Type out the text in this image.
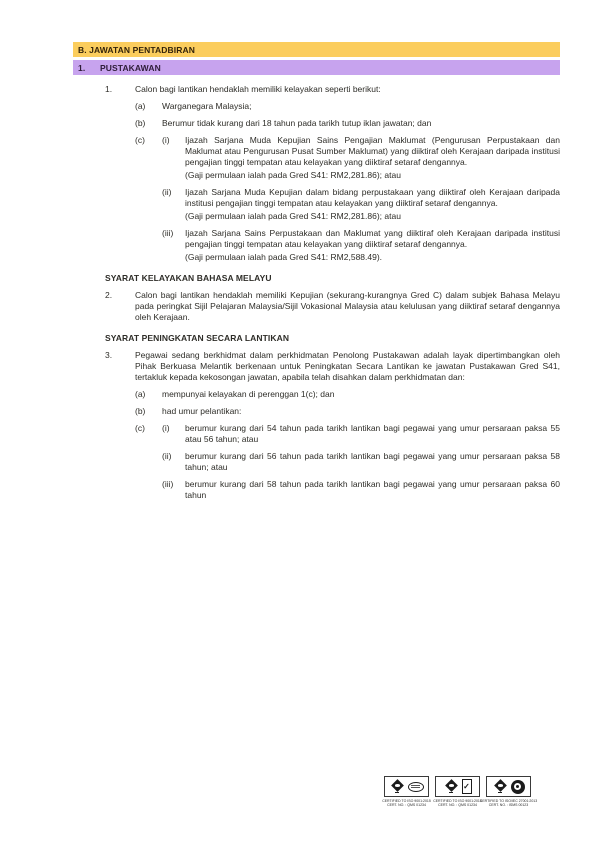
B. JAWATAN PENTADBIRAN
1.	PUSTAKAWAN
1.	Calon bagi lantikan hendaklah memiliki kelayakan seperti berikut:
(a)	Warganegara Malaysia;
(b)	Berumur tidak kurang dari 18 tahun pada tarikh tutup iklan jawatan; dan
(c)	(i)	Ijazah Sarjana Muda Kepujian Sains Pengajian Maklumat (Pengurusan Perpustakaan dan Maklumat atau Pengurusan Pusat Sumber Maklumat) yang diiktiraf oleh Kerajaan daripada institusi pengajian tinggi tempatan atau kelayakan yang diiktiraf setaraf dengannya.
(Gaji permulaan ialah pada Gred S41: RM2,281.86); atau
(ii)	Ijazah Sarjana Muda Kepujian dalam bidang perpustakaan yang diiktiraf oleh Kerajaan daripada institusi pengajian tinggi tempatan atau kelayakan yang diiktiraf setaraf dengannya.
(Gaji permulaan ialah pada Gred S41: RM2,281.86); atau
(iii)	Ijazah Sarjana Sains Perpustakaan dan Maklumat yang diiktiraf oleh Kerajaan daripada institusi pengajian tinggi tempatan atau kelayakan yang diiktiraf setaraf dengannya.
(Gaji permulaan ialah pada Gred S41: RM2,588.49).
SYARAT KELAYAKAN BAHASA MELAYU
2.	Calon bagi lantikan hendaklah memiliki Kepujian (sekurang-kurangnya Gred C) dalam subjek Bahasa Melayu pada peringkat Sijil Pelajaran Malaysia/Sijil Vokasional Malaysia atau kelulusan yang diiktiraf setaraf dengannya oleh Kerajaan.
SYARAT PENINGKATAN SECARA LANTIKAN
3.	Pegawai sedang berkhidmat dalam perkhidmatan Penolong Pustakawan adalah layak dipertimbangkan oleh Pihak Berkuasa Melantik berkenaan untuk Peningkatan Secara Lantikan ke jawatan Pustakawan Gred S41, tertakluk kepada kekosongan jawatan, apabila telah disahkan dalam perkhidmatan dan:
(a)	mempunyai kelayakan di perenggan 1(c); dan
(b)	had umur pelantikan:
(c)	(i)	berumur kurang dari 54 tahun pada tarikh lantikan bagi pegawai yang umur persaraan paksa 55 atau 56 tahun; atau
(ii)	berumur kurang dari 56 tahun pada tarikh lantikan bagi pegawai yang umur persaraan paksa 58 tahun; atau
(iii)	berumur kurang dari 58 tahun pada tarikh lantikan bagi pegawai yang umur persaraan paksa 60 tahun
CERTIFIED TO ISO 9001:2015
CERT. NO. : QMS 01234
✓
CERTIFIED TO ISO 9001:2015
CERT. NO. : QMS 01234
CERTIFIED TO ISO/IEC 27001:2013
CERT. NO. : ISMS 00123
